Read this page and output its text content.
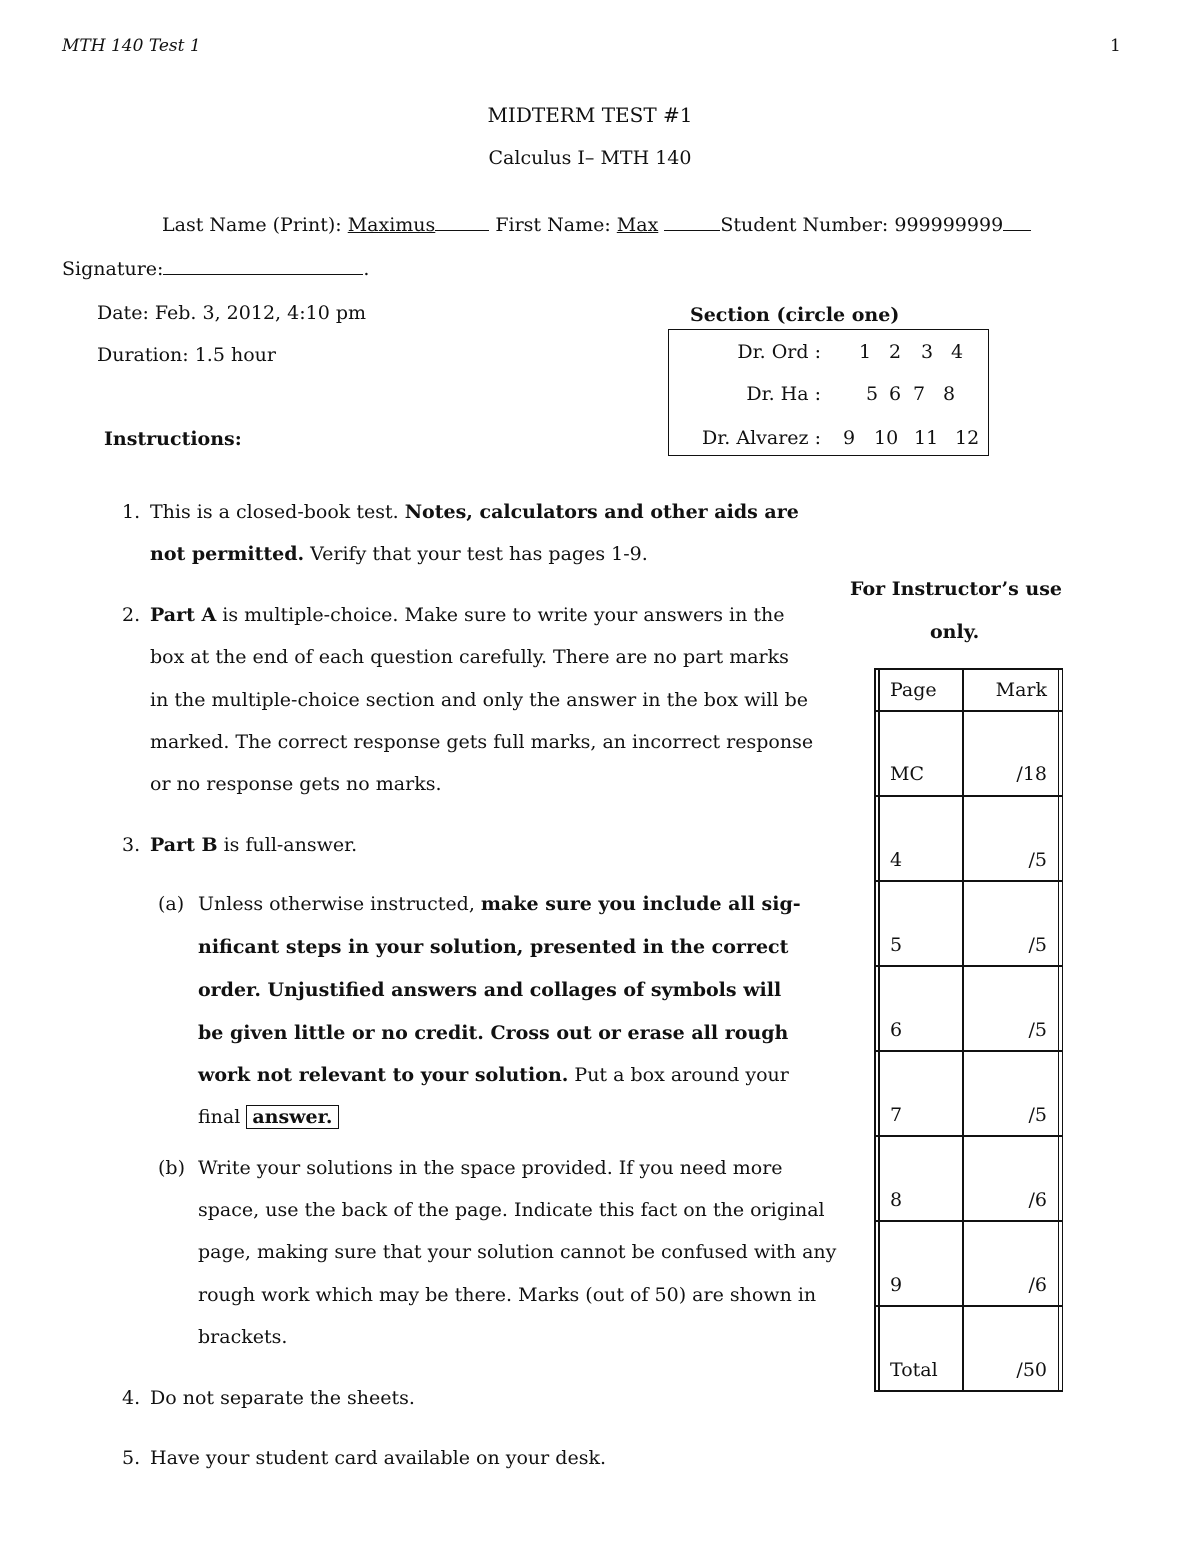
MTH 140 Test 1	1
MIDTERM TEST #1
Calculus I– MTH 140
Last Name (Print): Maximus	First Name: Max	Student Number: 999999999
Signature:	.
Date: Feb. 3, 2012, 4:10 pm
Duration: 1.5 hour
Section (circle one)
Dr. Ord : 1 2 3 4
Dr. Ha : 5 6 7 8
Dr. Alvarez : 9 10 11 12
Instructions:
1. This is a closed-book test. Notes, calculators and other aids are
not permitted. Verify that your test has pages 1-9.
2. Part A is multiple-choice. Make sure to write your answers in the
box at the end of each question carefully. There are no part marks
in the multiple-choice section and only the answer in the box will be
marked. The correct response gets full marks, an incorrect response
or no response gets no marks.
3. Part B is full-answer.
(a) Unless otherwise instructed, make sure you include all sig-
nificant steps in your solution, presented in the correct
order. Unjustified answers and collages of symbols will
be given little or no credit. Cross out or erase all rough
work not relevant to your solution. Put a box around your
final answer.
(b) Write your solutions in the space provided. If you need more
space, use the back of the page. Indicate this fact on the original
page, making sure that your solution cannot be confused with any
rough work which may be there. Marks (out of 50) are shown in
brackets.
4. Do not separate the sheets.
5. Have your student card available on your desk.
For Instructor’s use
only.
Page	Mark
MC	/18
4	/5
5	/5
6	/5
7	/5
8	/6
9	/6
Total	/50
